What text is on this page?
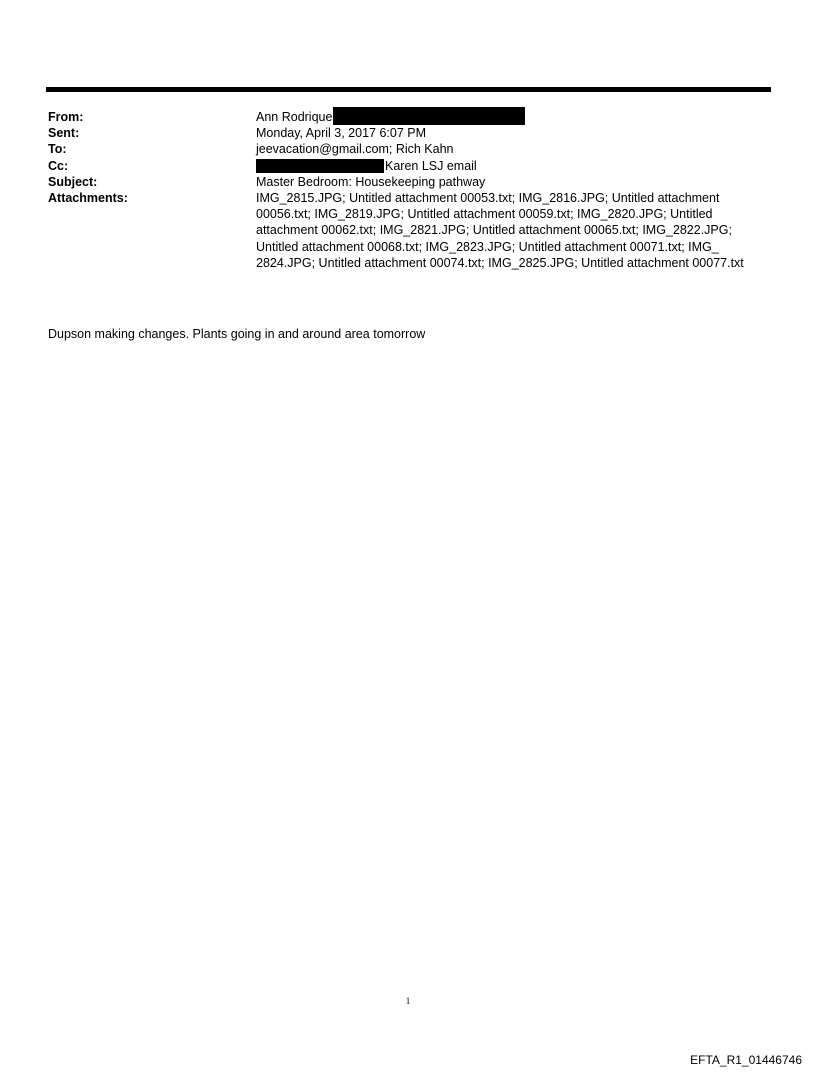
From:	Ann Rodrique
Sent:	Monday, April 3, 2017 6:07 PM
To:	jeevacation@gmail.com; Rich Kahn
Cc:	Karen LSJ email
Subject:	Master Bedroom: Housekeeping pathway
Attachments:	IMG_2815.JPG; Untitled attachment 00053.txt; IMG_2816.JPG; Untitled attachment
00056.txt; IMG_2819.JPG; Untitled attachment 00059.txt; IMG_2820.JPG; Untitled
attachment 00062.txt; IMG_2821.JPG; Untitled attachment 00065.txt; IMG_2822.JPG;
Untitled attachment 00068.txt; IMG_2823.JPG; Untitled attachment 00071.txt; IMG_
2824.JPG; Untitled attachment 00074.txt; IMG_2825.JPG; Untitled attachment 00077.txt
Dupson making changes. Plants going in and around area tomorrow
1
EFTA_R1_01446746
